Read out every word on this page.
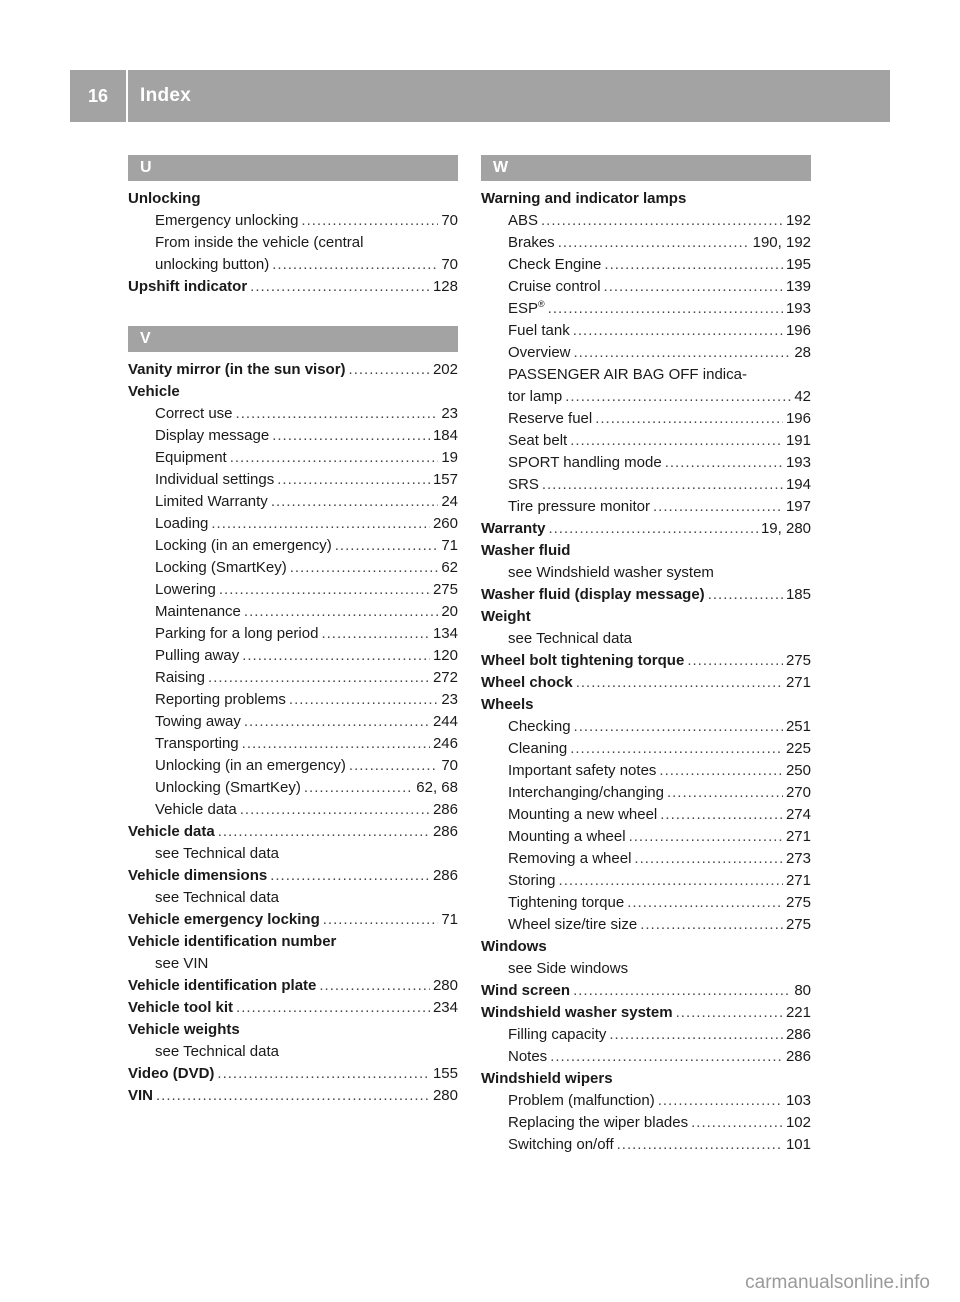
16	Index
U
Unlocking
Emergency unlocking .....	70
From inside the vehicle (central
unlocking button) .....	70
Upshift indicator .....	128
V
Vanity mirror (in the sun visor) .....	202
Vehicle
Correct use .....	23
Display message .....	184
Equipment .....	19
Individual settings .....	157
Limited Warranty .....	24
Loading .....	260
Locking (in an emergency) .....	71
Locking (SmartKey) .....	62
Lowering .....	275
Maintenance .....	20
Parking for a long period .....	134
Pulling away .....	120
Raising .....	272
Reporting problems .....	23
Towing away .....	244
Transporting .....	246
Unlocking (in an emergency) .....	70
Unlocking (SmartKey) .....	62, 68
Vehicle data .....	286
Vehicle data .....	286
see Technical data
Vehicle dimensions .....	286
see Technical data
Vehicle emergency locking .....	71
Vehicle identification number
see VIN
Vehicle identification plate .....	280
Vehicle tool kit .....	234
Vehicle weights
see Technical data
Video (DVD) .....	155
VIN .....	280
W
Warning and indicator lamps
ABS .....	192
Brakes .....	190, 192
Check Engine .....	195
Cruise control .....	139
ESP® .....	193
Fuel tank .....	196
Overview .....	28
PASSENGER AIR BAG OFF indica-
tor lamp .....	42
Reserve fuel .....	196
Seat belt .....	191
SPORT handling mode .....	193
SRS .....	194
Tire pressure monitor .....	197
Warranty .....	19, 280
Washer fluid
see Windshield washer system
Washer fluid (display message) .....	185
Weight
see Technical data
Wheel bolt tightening torque .....	275
Wheel chock .....	271
Wheels
Checking .....	251
Cleaning .....	225
Important safety notes .....	250
Interchanging/changing .....	270
Mounting a new wheel .....	274
Mounting a wheel .....	271
Removing a wheel .....	273
Storing .....	271
Tightening torque .....	275
Wheel size/tire size .....	275
Windows
see Side windows
Wind screen .....	80
Windshield washer system .....	221
Filling capacity .....	286
Notes .....	286
Windshield wipers
Problem (malfunction) .....	103
Replacing the wiper blades .....	102
Switching on/off .....	101
carmanualsonline.info
